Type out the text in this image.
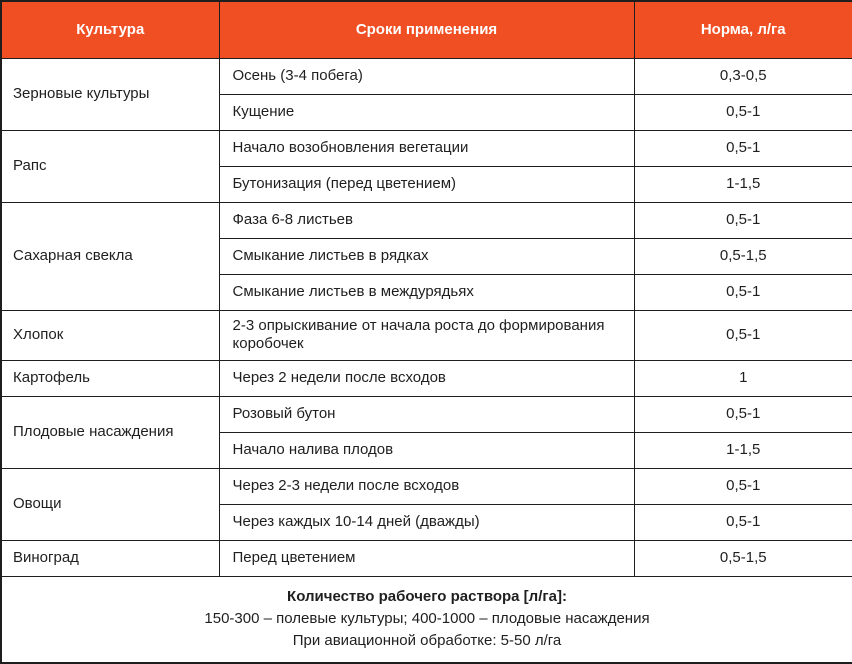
Культура	Сроки применения	Норма, л/га
Зерновые культуры	Осень (3-4 побега)	0,3-0,5
	Кущение	0,5-1
Рапс	Начало возобновления вегетации	0,5-1
	Бутонизация (перед цветением)	1-1,5
Сахарная свекла	Фаза 6-8 листьев	0,5-1
	Смыкание листьев в рядках	0,5-1,5
	Смыкание листьев в междурядьях	0,5-1
Хлопок	2-3 опрыскивание от начала роста до формирования коробочек	0,5-1
Картофель	Через 2 недели после всходов	1
Плодовые насаждения	Розовый бутон	0,5-1
	Начало налива плодов	1-1,5
Овощи	Через 2-3 недели после всходов	0,5-1
	Через каждых 10-14 дней (дважды)	0,5-1
Виноград	Перед цветением	0,5-1,5

Количество рабочего раствора [л/га]:
150-300 – полевые культуры; 400-1000 – плодовые насаждения
При авиационной обработке: 5-50 л/га		
